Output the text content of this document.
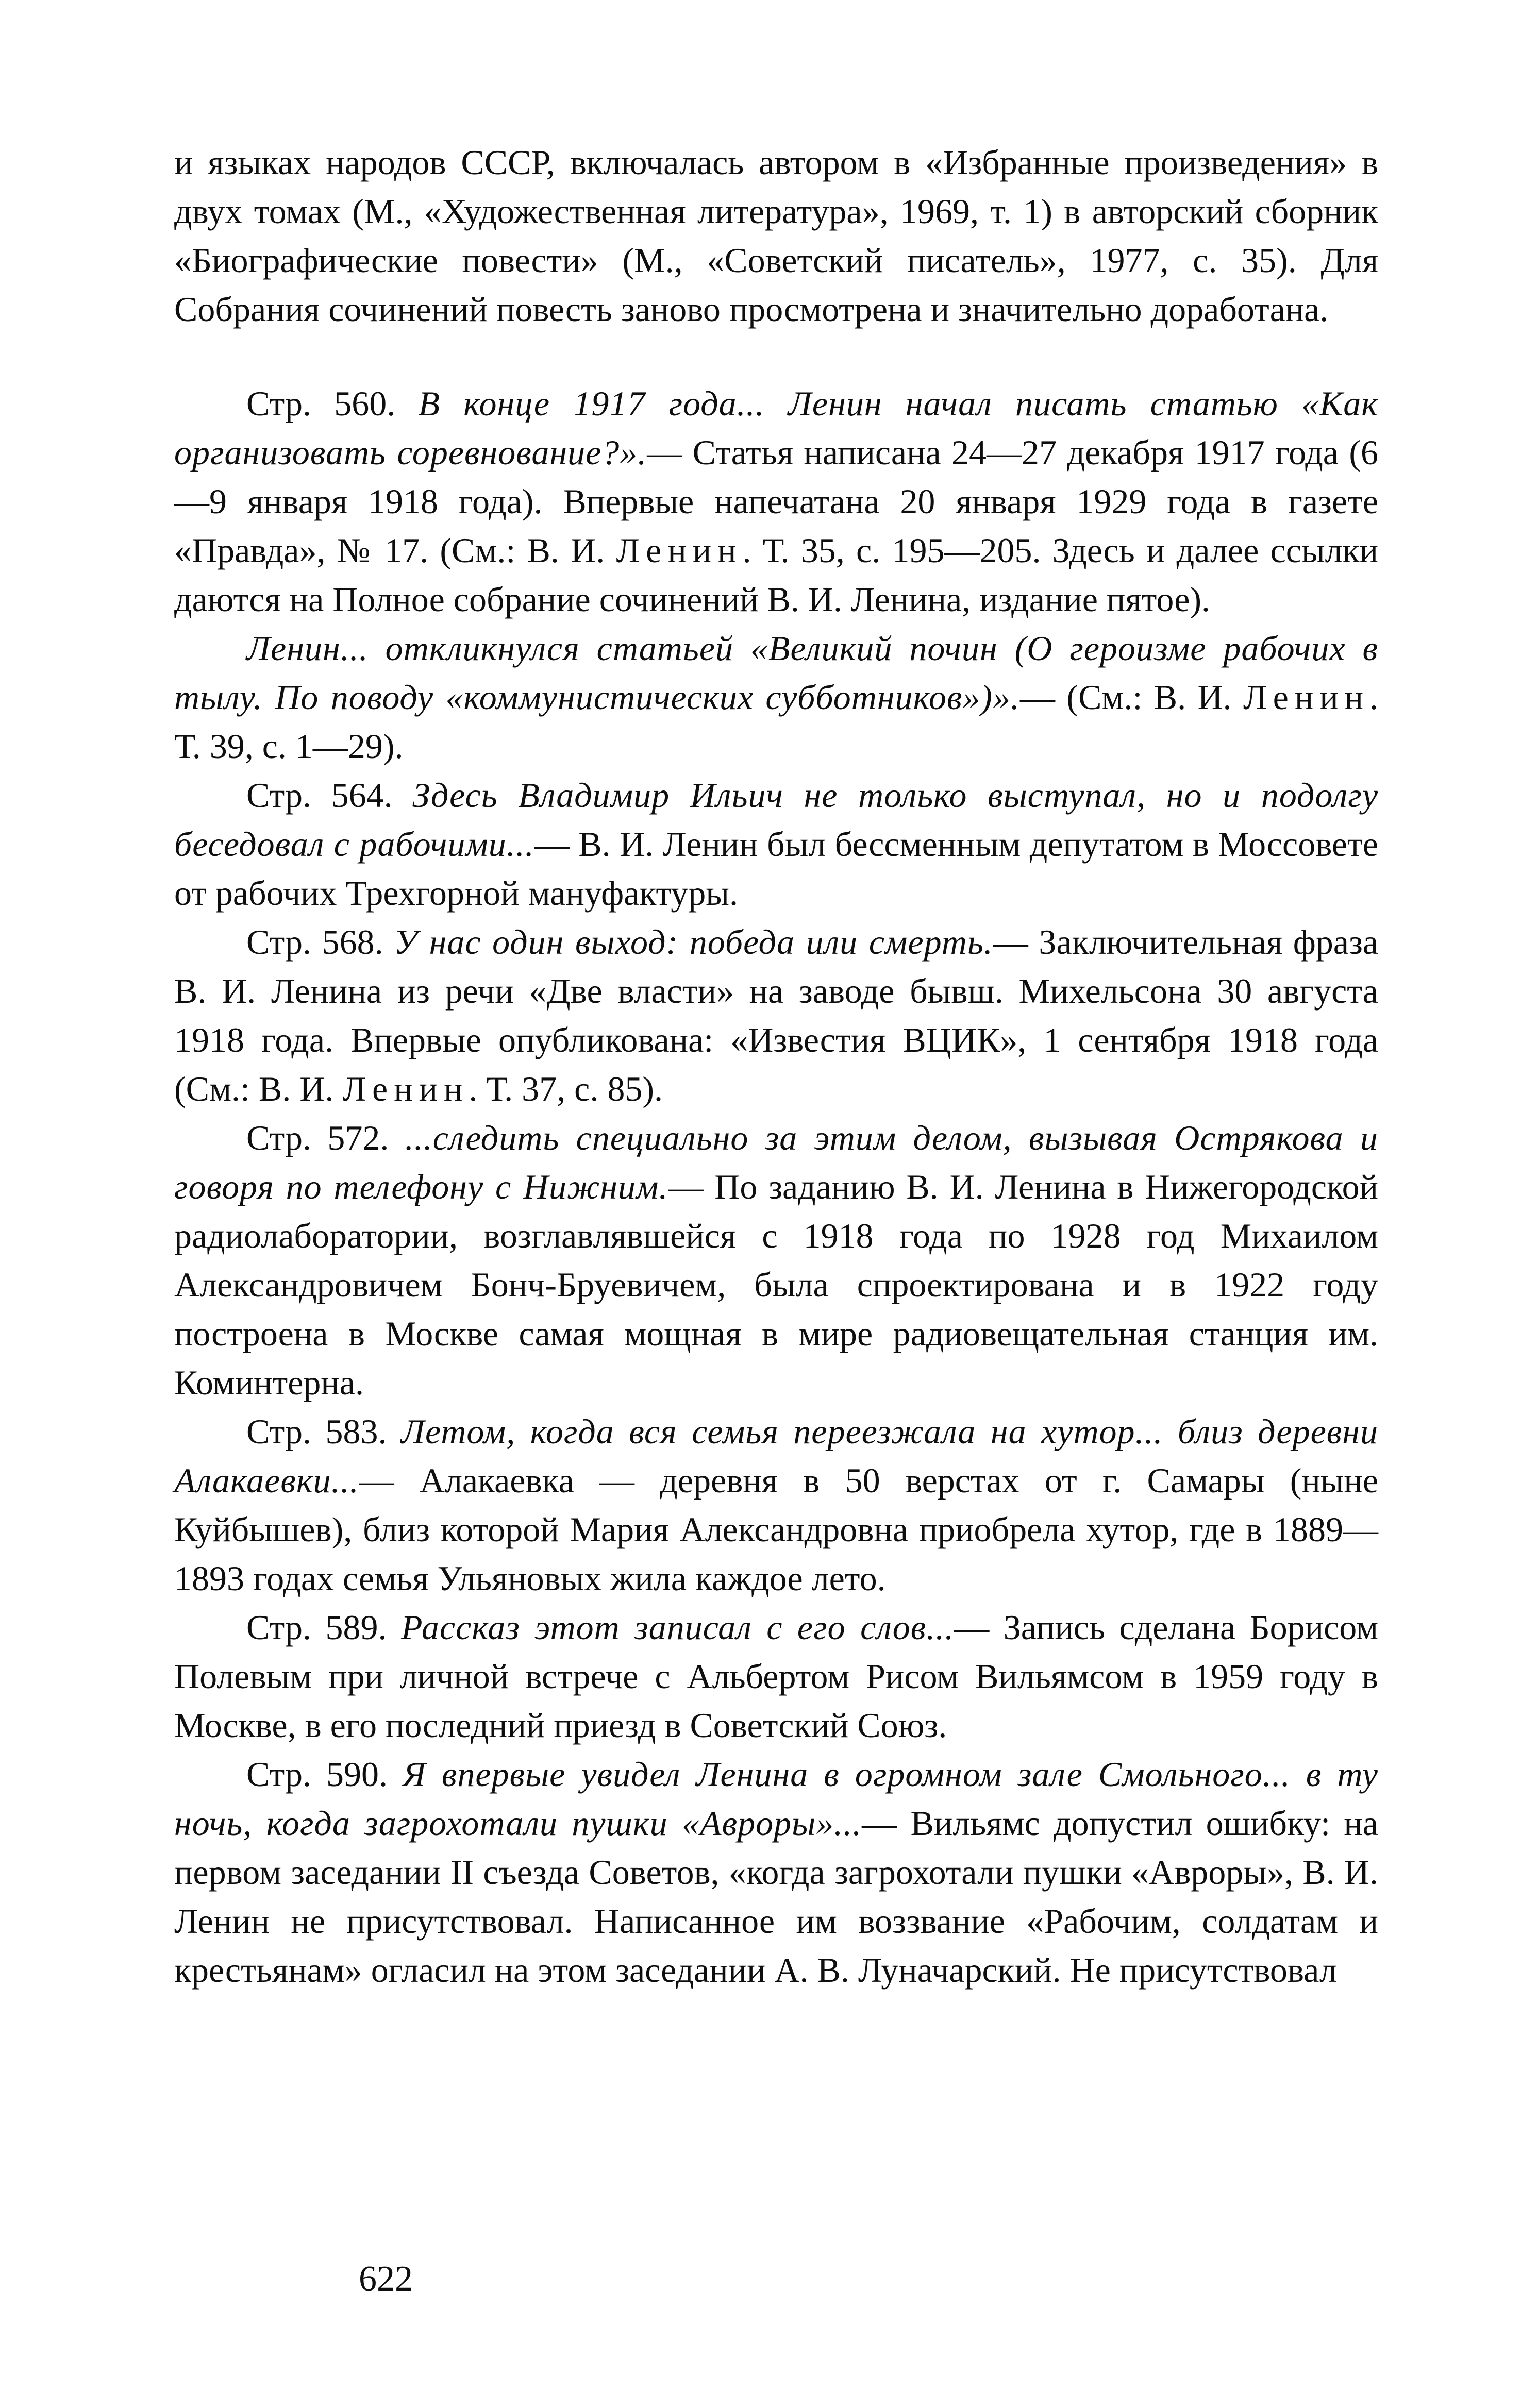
и языках народов СССР, включалась автором в «Избранные произведения» в двух томах (М., «Художественная литература», 1969, т. 1) в авторский сборник «Биографические повести» (М., «Советский писатель», 1977, с. 35). Для Собрания сочинений повесть заново просмотрена и значительно доработана.

Стр. 560. В конце 1917 года... Ленин начал писать статью «Как организовать соревнование?».— Статья написана 24—27 декабря 1917 года (6—9 января 1918 года). Впервые напечатана 20 января 1929 года в газете «Правда», № 17. (См.: В. И. Ленин. Т. 35, с. 195—205. Здесь и далее ссылки даются на Полное собрание сочинений В. И. Ленина, издание пятое).

Ленин... откликнулся статьей «Великий почин (О героизме рабочих в тылу. По поводу «коммунистических субботников»)».— (См.: В. И. Ленин. Т. 39, с. 1—29).

Стр. 564. Здесь Владимир Ильич не только выступал, но и подолгу беседовал с рабочими...— В. И. Ленин был бессменным депутатом в Моссовете от рабочих Трехгорной мануфактуры.

Стр. 568. У нас один выход: победа или смерть.— Заключительная фраза В. И. Ленина из речи «Две власти» на заводе бывш. Михельсона 30 августа 1918 года. Впервые опубликована: «Известия ВЦИК», 1 сентября 1918 года (См.: В. И. Ленин. Т. 37, с. 85).

Стр. 572. ...следить специально за этим делом, вызывая Острякова и говоря по телефону с Нижним.— По заданию В. И. Ленина в Нижегородской радиолаборатории, возглавлявшейся с 1918 года по 1928 год Михаилом Александровичем Бонч-Бруевичем, была спроектирована и в 1922 году построена в Москве самая мощная в мире радиовещательная станция им. Коминтерна.

Стр. 583. Летом, когда вся семья переезжала на хутор... близ деревни Алакаевки...— Алакаевка — деревня в 50 верстах от г. Самары (ныне Куйбышев), близ которой Мария Александровна приобрела хутор, где в 1889—1893 годах семья Ульяновых жила каждое лето.

Стр. 589. Рассказ этот записал с его слов...— Запись сделана Борисом Полевым при личной встрече с Альбертом Рисом Вильямсом в 1959 году в Москве, в его последний приезд в Советский Союз.

Стр. 590. Я впервые увидел Ленина в огромном зале Смольного... в ту ночь, когда загрохотали пушки «Авроры»...— Вильямс допустил ошибку: на первом заседании II съезда Советов, «когда загрохотали пушки «Авроры», В. И. Ленин не присутствовал. Написанное им воззвание «Рабочим, солдатам и крестьянам» огласил на этом заседании А. В. Луначарский. Не присутствовал

622
